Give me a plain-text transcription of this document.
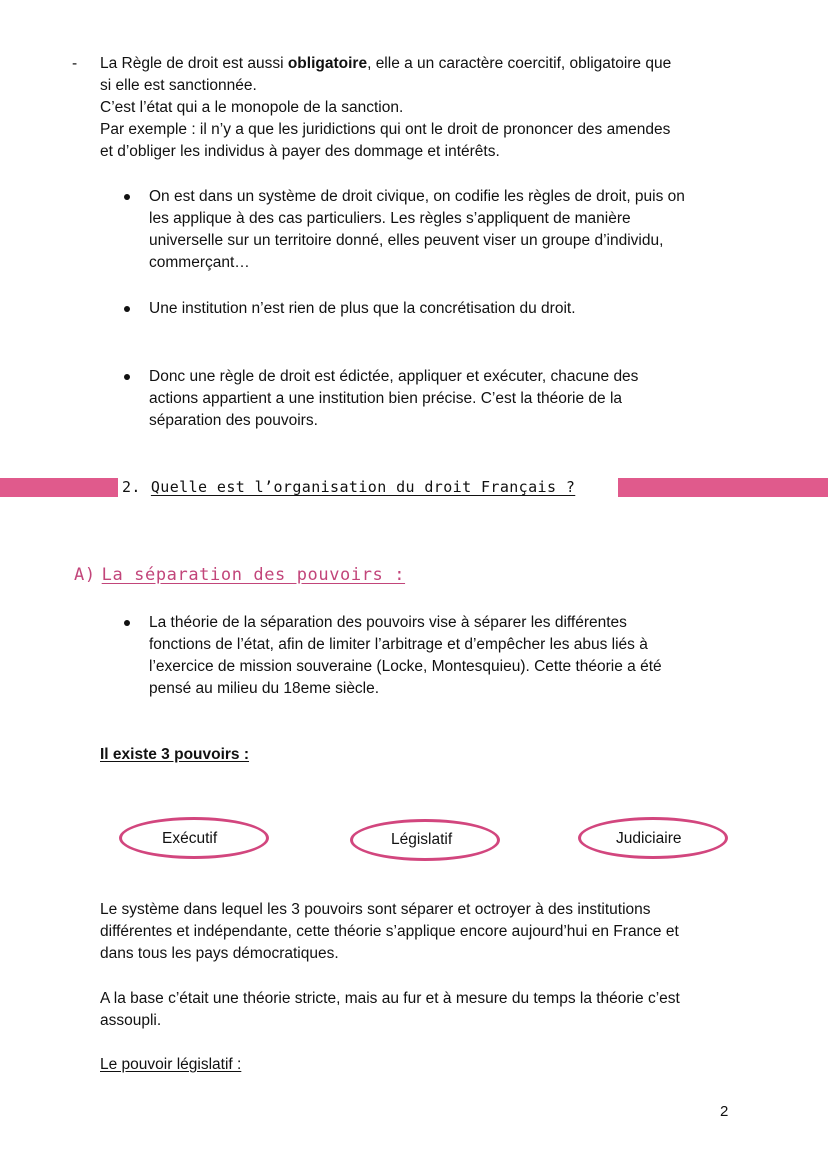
- La Règle de droit est aussi obligatoire, elle a un caractère coercitif, obligatoire que
si elle est sanctionnée.
C’est l’état qui a le monopole de la sanction.
Par exemple : il n’y a que les juridictions qui ont le droit de prononcer des amendes
et d’obliger les individus à payer des dommage et intérêts.
On est dans un système de droit civique, on codifie les règles de droit, puis on
les applique à des cas particuliers. Les règles s’appliquent de manière
universelle sur un territoire donné, elles peuvent viser un groupe d’individu,
commerçant…
Une institution n’est rien de plus que la concrétisation du droit.
Donc une règle de droit est édictée, appliquer et exécuter, chacune des
actions appartient a une institution bien précise. C’est la théorie de la
séparation des pouvoirs.
2. Quelle est l’organisation du droit Français ?
A) La séparation des pouvoirs :
La théorie de la séparation des pouvoirs vise à séparer les différentes
fonctions de l’état, afin de limiter l’arbitrage et d’empêcher les abus liés à
l’exercice de mission souveraine (Locke, Montesquieu). Cette théorie a été
pensé au milieu du 18eme siècle.
Il existe 3 pouvoirs :
Exécutif	Législatif	Judiciaire
Le système dans lequel les 3 pouvoirs sont séparer et octroyer à des institutions
différentes et indépendante, cette théorie s’applique encore aujourd’hui en France et
dans tous les pays démocratiques.
A la base c’était une théorie stricte, mais au fur et à mesure du temps la théorie c’est
assoupli.
Le pouvoir législatif :
2
